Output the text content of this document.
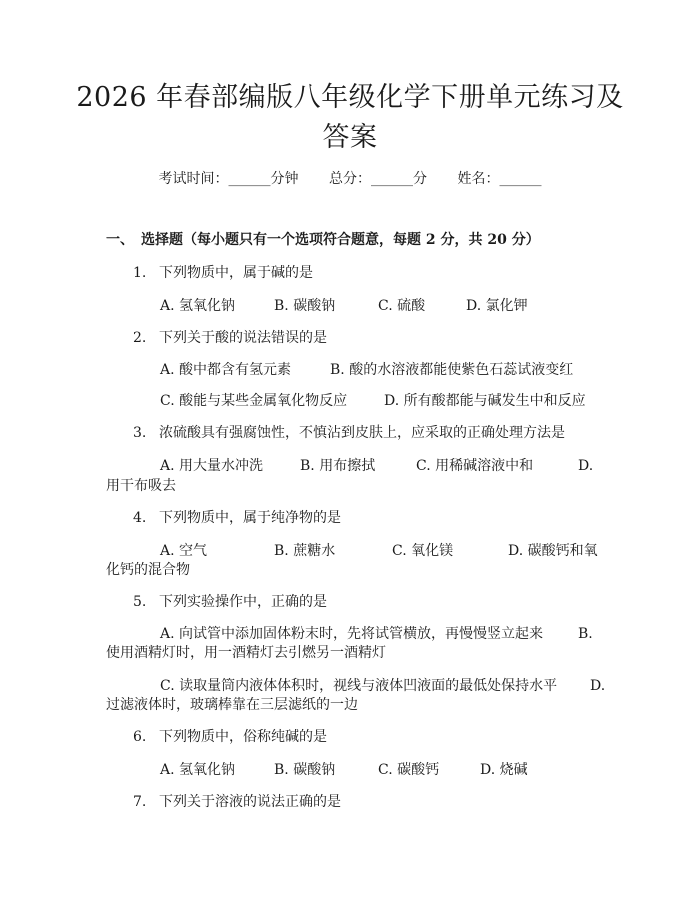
2026 年春部编版八年级化学下册单元练习及
答案
考试时间：______分钟 总分：______分 姓名：______
一、　选择题（每小题只有一个选项符合题意，每题 2 分，共 20 分）
1. 下列物质中，属于碱的是
A. 氢氧化钠	B. 碳酸钠	C. 硫酸	D. 氯化钾
2. 下列关于酸的说法错误的是
A. 酸中都含有氢元素	B. 酸的水溶液都能使紫色石蕊试液变红
C. 酸能与某些金属氧化物反应	D. 所有酸都能与碱发生中和反应
3. 浓硫酸具有强腐蚀性，不慎沾到皮肤上，应采取的正确处理方法是
A. 用大量水冲洗	B. 用布擦拭	C. 用稀碱溶液中和	D.
用干布吸去
4. 下列物质中，属于纯净物的是
A. 空气	B. 蔗糖水	C. 氧化镁	D. 碳酸钙和氧
化钙的混合物
5. 下列实验操作中，正确的是
A. 向试管中添加固体粉末时，先将试管横放，再慢慢竖立起来 B.
使用酒精灯时，用一酒精灯去引燃另一酒精灯
C. 读取量筒内液体体积时，视线与液体凹液面的最低处保持水平 D.
过滤液体时，玻璃棒靠在三层滤纸的一边
6. 下列物质中，俗称纯碱的是
A. 氢氧化钠	B. 碳酸钠	C. 碳酸钙	D. 烧碱
7. 下列关于溶液的说法正确的是
